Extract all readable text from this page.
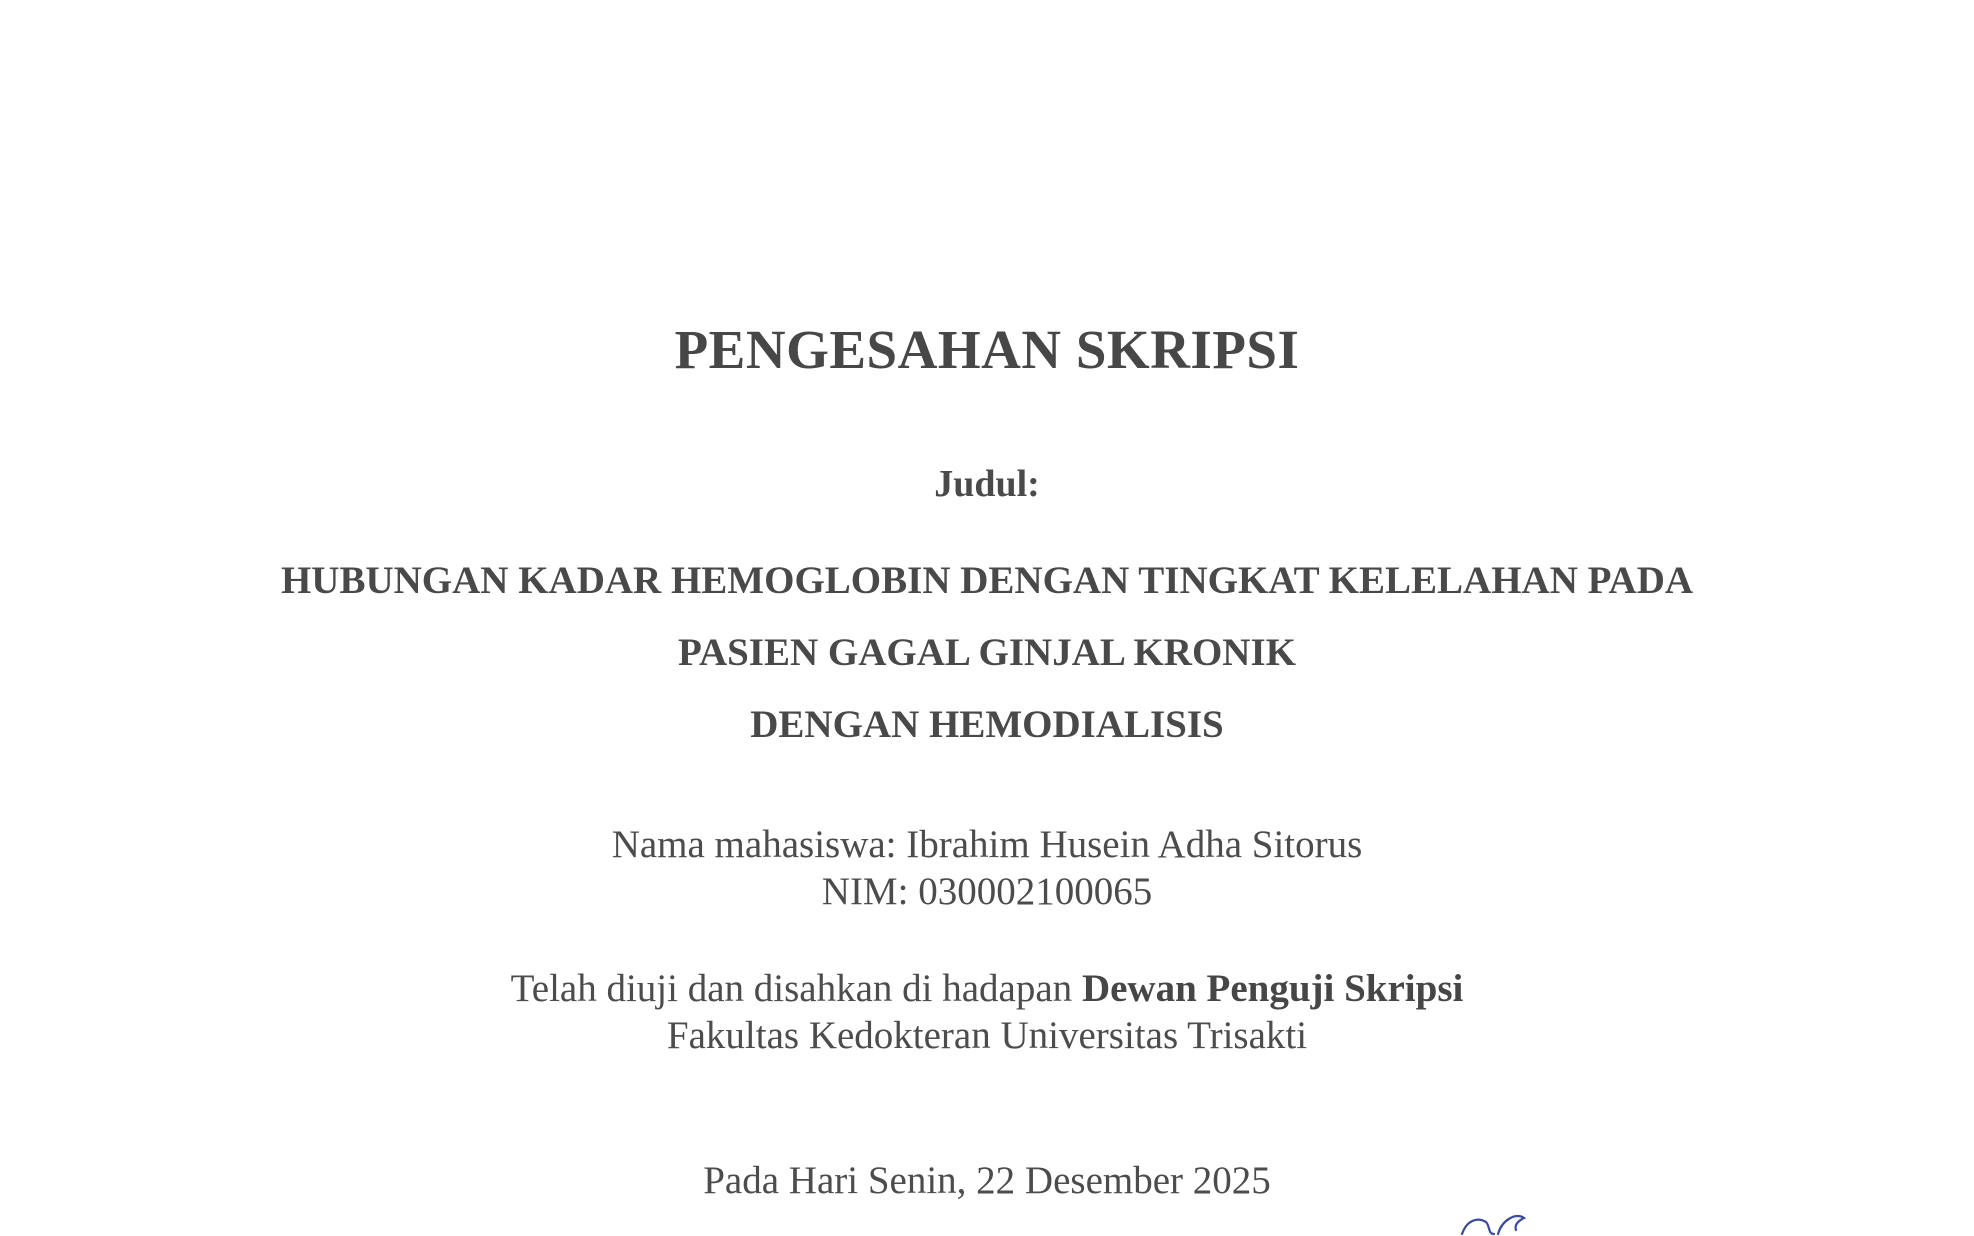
PENGESAHAN SKRIPSI
Judul:
HUBUNGAN KADAR HEMOGLOBIN DENGAN TINGKAT KELELAHAN PADA
PASIEN GAGAL GINJAL KRONIK
DENGAN HEMODIALISIS
Nama mahasiswa: Ibrahim Husein Adha Sitorus
NIM: 030002100065
Telah diuji dan disahkan di hadapan Dewan Penguji Skripsi
Fakultas Kedokteran Universitas Trisakti
Pada Hari Senin, 22 Desember 2025
